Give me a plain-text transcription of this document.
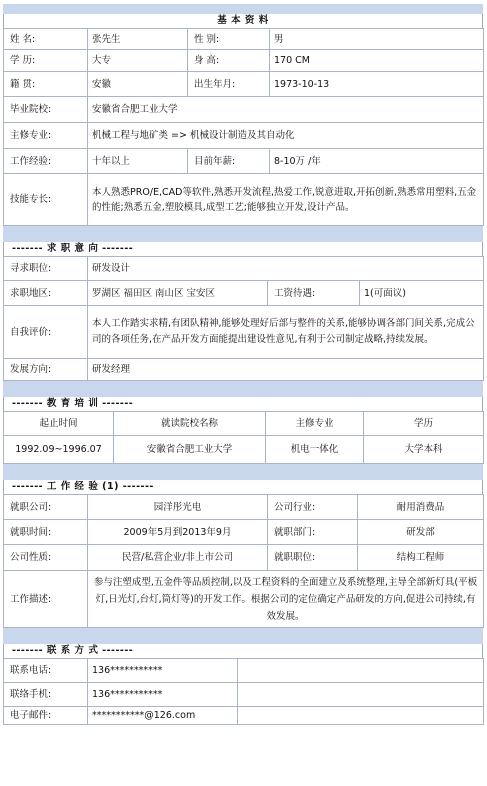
基 本 资 料
姓 名:	张先生	性 别:	男
学 历:	大专	身 高:	170 CM
籍 贯:	安徽	出生年月:	1973-10-13
毕业院校:	安徽省合肥工业大学		
主修专业:	机械工程与地矿类 => 机械设计制造及其自动化		
工作经验:	十年以上	目前年薪:	8-10万 /年
技能专长:	本人熟悉PRO/E,CAD等软件,熟悉开发流程,热爱工作,锐意进取,开拓创新,熟悉常用塑料,五金的性能;熟悉五金,塑胶模具,成型工艺;能够独立开发,设计产品。		
------- 求 职 意 向 -------
寻求职位:	研发设计		
求职地区:	罗湖区 福田区 南山区 宝安区	工资待遇:	1(可面议)
自我评价:	本人工作踏实求精,有团队精神,能够处理好后部与整件的关系,能够协调各部门间关系,完成公司的各项任务,在产品开发方面能提出建设性意见,有利于公司制定战略,持续发展。		
发展方向:	研发经理		
------- 教 育 培 训 -------
起止时间	就读院校名称	主修专业	学历
1992.09~1996.07	安徽省合肥工业大学	机电一体化	大学本科
------- 工 作 经 验 (1) -------
就职公司:	园洋彤光电	公司行业:	耐用消费品
就职时间:	2009年5月到2013年9月	就职部门:	研发部
公司性质:	民营/私营企业/非上市公司	就职职位:	结构工程师
工作描述:	参与注塑成型,五金件等品质控制,以及工程资料的全面建立及系统整理,主导全部新灯具(平板灯,日光灯,台灯,筒灯等)的开发工作。根据公司的定位确定产品研发的方向,促进公司持续,有效发展。		
------- 联 系 方 式 -------
联系电话:	136***********	
联络手机:	136***********	
电子邮件:	***********@126.com	
